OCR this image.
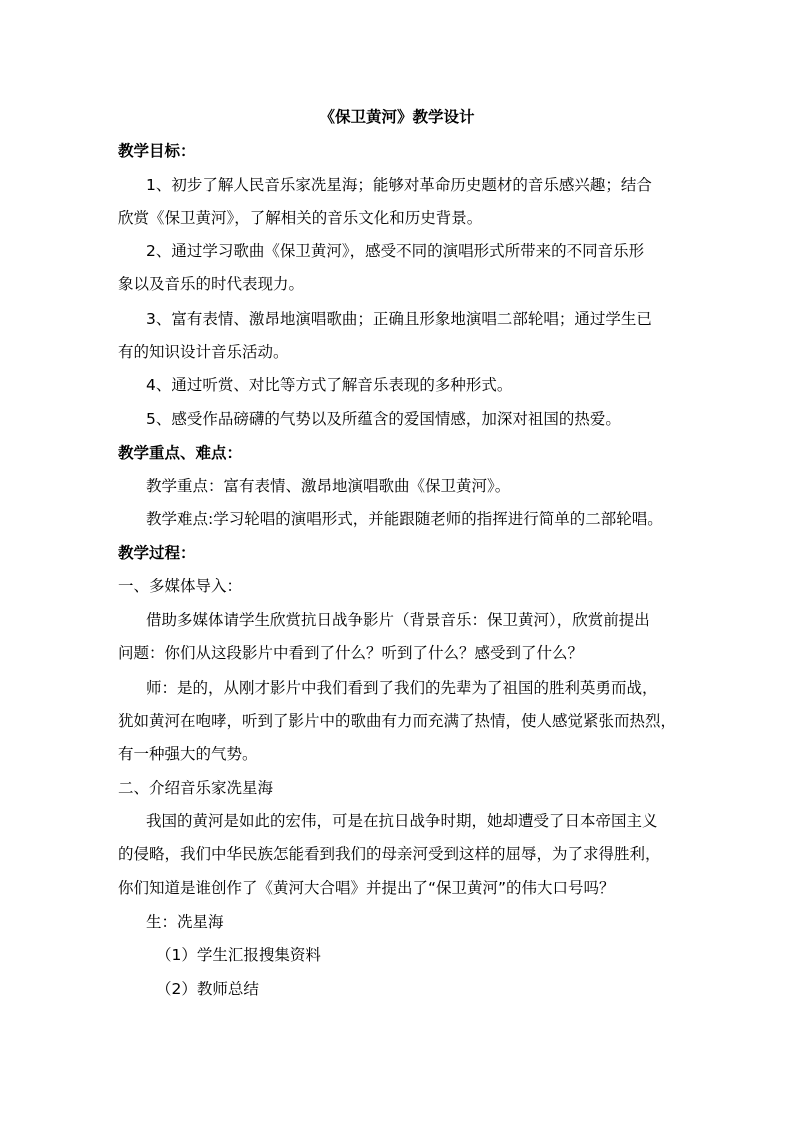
《保卫黄河》教学设计

教学目标：

1、初步了解人民音乐家冼星海；能够对革命历史题材的音乐感兴趣；结合

欣赏《保卫黄河》，了解相关的音乐文化和历史背景。

2、通过学习歌曲《保卫黄河》，感受不同的演唱形式所带来的不同音乐形

象以及音乐的时代表现力。

3、富有表情、激昂地演唱歌曲；正确且形象地演唱二部轮唱；通过学生已

有的知识设计音乐活动。

4、通过听赏、对比等方式了解音乐表现的多种形式。

5、感受作品磅礴的气势以及所蕴含的爱国情感，加深对祖国的热爱。

教学重点、难点：

教学重点：富有表情、激昂地演唱歌曲《保卫黄河》。

教学难点:学习轮唱的演唱形式，并能跟随老师的指挥进行简单的二部轮唱。

教学过程：

一、多媒体导入：

借助多媒体请学生欣赏抗日战争影片（背景音乐：保卫黄河），欣赏前提出

问题：你们从这段影片中看到了什么？听到了什么？感受到了什么？

师：是的，从刚才影片中我们看到了我们的先辈为了祖国的胜利英勇而战，

犹如黄河在咆哮，听到了影片中的歌曲有力而充满了热情，使人感觉紧张而热烈，

有一种强大的气势。

二、介绍音乐家冼星海

我国的黄河是如此的宏伟，可是在抗日战争时期，她却遭受了日本帝国主义

的侵略，我们中华民族怎能看到我们的母亲河受到这样的屈辱，为了求得胜利，

你们知道是谁创作了《黄河大合唱》并提出了“保卫黄河”的伟大口号吗？

生：冼星海

（1）学生汇报搜集资料

（2）教师总结
